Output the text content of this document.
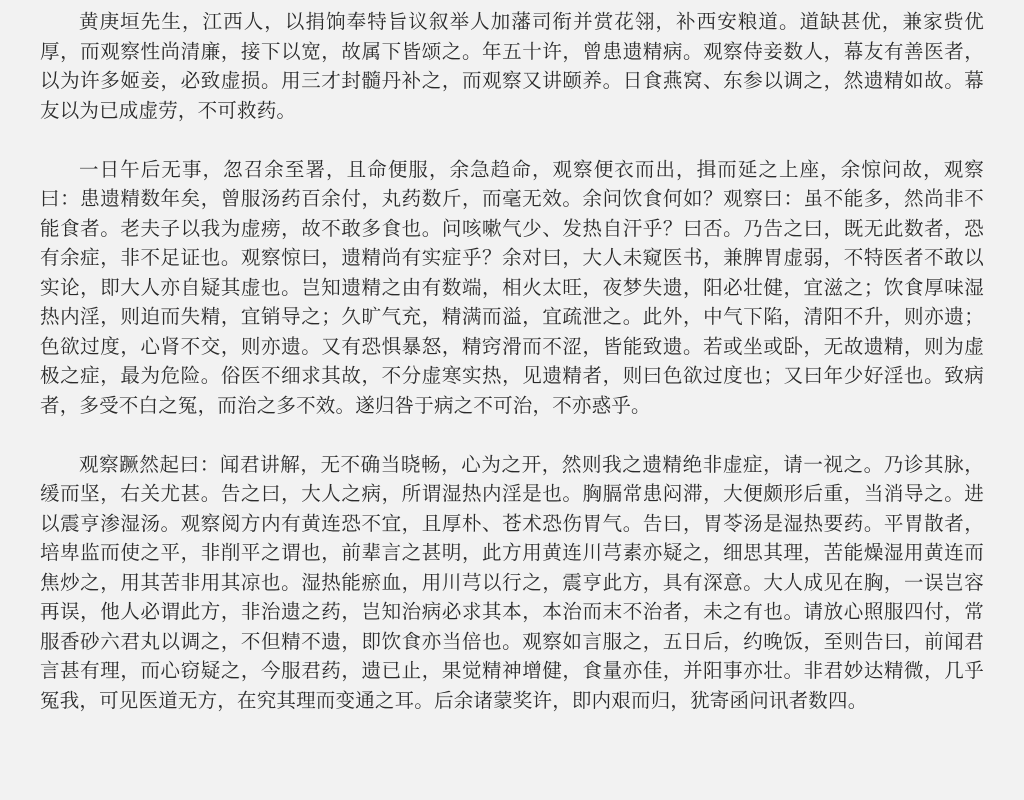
黄庚垣先生，江西人，以捐饷奉特旨议叙举人加藩司衔并赏花翎，补西安粮道。道缺甚优，兼家赀优厚，而观察性尚清廉，接下以宽，故属下皆颂之。年五十许，曾患遗精病。观察侍妾数人，幕友有善医者，以为许多姬妾，必致虚损。用三才封髓丹补之，而观察又讲颐养。日食燕窝、东参以调之，然遗精如故。幕友以为已成虚劳，不可救药。

一日午后无事，忽召余至署，且命便服，余急趋命，观察便衣而出，揖而延之上座，余惊问故，观察曰：患遗精数年矣，曾服汤药百余付，丸药数斤，而毫无效。余问饮食何如？观察曰：虽不能多，然尚非不能食者。老夫子以我为虚痨，故不敢多食也。问咳嗽气少、发热自汗乎？曰否。乃告之曰，既无此数者，恐有余症，非不足证也。观察惊曰，遗精尚有实症乎？余对曰，大人未窥医书，兼脾胃虚弱，不特医者不敢以实论，即大人亦自疑其虚也。岂知遗精之由有数端，相火太旺，夜梦失遗，阳必壮健，宜滋之；饮食厚味湿热内淫，则迫而失精，宜销导之；久旷气充，精满而溢，宜疏泄之。此外，中气下陷，清阳不升，则亦遗；色欲过度，心肾不交，则亦遗。又有恐惧暴怒，精窍滑而不涩，皆能致遗。若或坐或卧，无故遗精，则为虚极之症，最为危险。俗医不细求其故，不分虚寒实热，见遗精者，则曰色欲过度也；又曰年少好淫也。致病者，多受不白之冤，而治之多不效。遂归咎于病之不可治，不亦惑乎。

观察蹶然起曰：闻君讲解，无不确当晓畅，心为之开，然则我之遗精绝非虚症，请一视之。乃诊其脉，缓而坚，右关尤甚。告之曰，大人之病，所谓湿热内淫是也。胸膈常患闷滞，大便颇形后重，当消导之。进以震亨渗湿汤。观察阅方内有黄连恐不宜，且厚朴、苍术恐伤胃气。告曰，胃苓汤是湿热要药。平胃散者，培卑监而使之平，非削平之谓也，前辈言之甚明，此方用黄连川芎素亦疑之，细思其理，苦能燥湿用黄连而焦炒之，用其苦非用其凉也。湿热能瘀血，用川芎以行之，震亨此方，具有深意。大人成见在胸，一误岂容再误，他人必谓此方，非治遗之药，岂知治病必求其本，本治而末不治者，未之有也。请放心照服四付，常服香砂六君丸以调之，不但精不遗，即饮食亦当倍也。观察如言服之，五日后，约晚饭，至则告曰，前闻君言甚有理，而心窃疑之，今服君药，遗已止，果觉精神增健，食量亦佳，并阳事亦壮。非君妙达精微，几乎冤我，可见医道无方，在究其理而变通之耳。后余诸蒙奖许，即内艰而归，犹寄函问讯者数四。
